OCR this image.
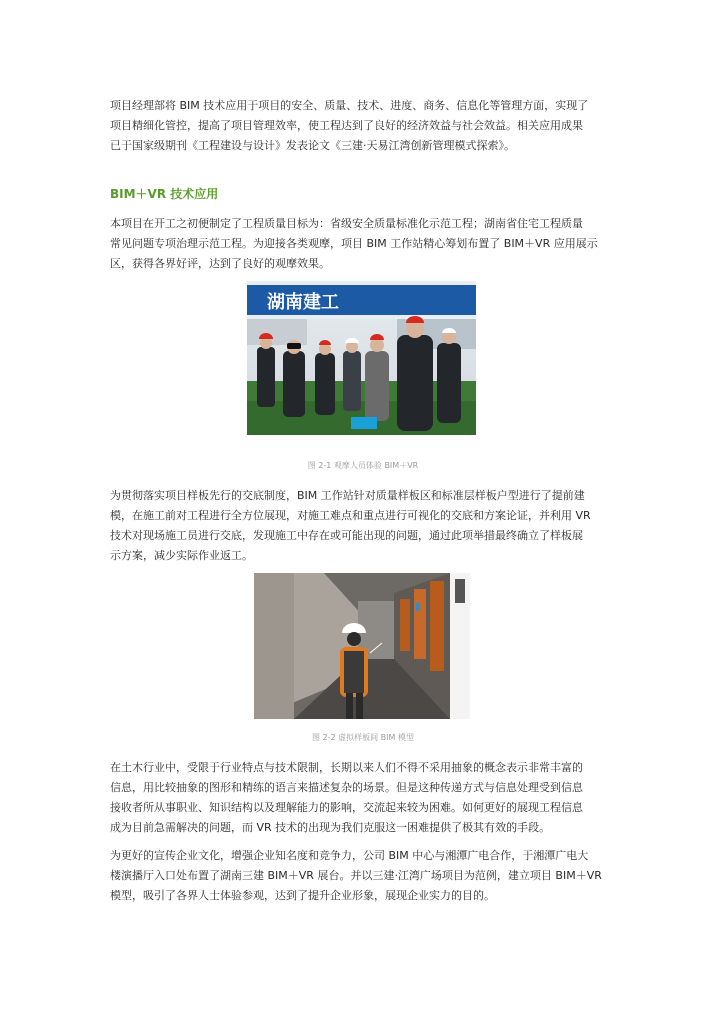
项目经理部将 BIM 技术应用于项目的安全、质量、技术、进度、商务、信息化等管理方面，实现了
项目精细化管控，提高了项目管理效率，使工程达到了良好的经济效益与社会效益。相关应用成果
已于国家级期刊《工程建设与设计》发表论文《三建·天易江湾创新管理模式探索》。

BIM＋VR 技术应用

本项目在开工之初便制定了工程质量目标为：省级安全质量标准化示范工程；湖南省住宅工程质量
常见问题专项治理示范工程。为迎接各类观摩，项目 BIM 工作站精心筹划布置了 BIM＋VR 应用展示
区，获得各界好评，达到了良好的观摩效果。

湖南建工
图 2-1 观摩人员体验 BIM＋VR

为贯彻落实项目样板先行的交底制度，BIM 工作站针对质量样板区和标准层样板户型进行了提前建
模，在施工前对工程进行全方位展现，对施工难点和重点进行可视化的交底和方案论证，并利用 VR
技术对现场施工员进行交底，发现施工中存在或可能出现的问题，通过此项举措最终确立了样板展
示方案，减少实际作业返工。

图 2-2 虚拟样板间 BIM 模型

在土木行业中，受限于行业特点与技术限制，长期以来人们不得不采用抽象的概念表示非常丰富的
信息，用比较抽象的图形和精练的语言来描述复杂的场景。但是这种传递方式与信息处理受到信息
接收者所从事职业、知识结构以及理解能力的影响，交流起来较为困难。如何更好的展现工程信息
成为目前急需解决的问题，而 VR 技术的出现为我们克服这一困难提供了极其有效的手段。

为更好的宣传企业文化，增强企业知名度和竞争力，公司 BIM 中心与湘潭广电合作，于湘潭广电大
楼演播厅入口处布置了湖南三建 BIM＋VR 展台。并以三建·江湾广场项目为范例，建立项目 BIM＋VR
模型，吸引了各界人士体验参观，达到了提升企业形象，展现企业实力的目的。
